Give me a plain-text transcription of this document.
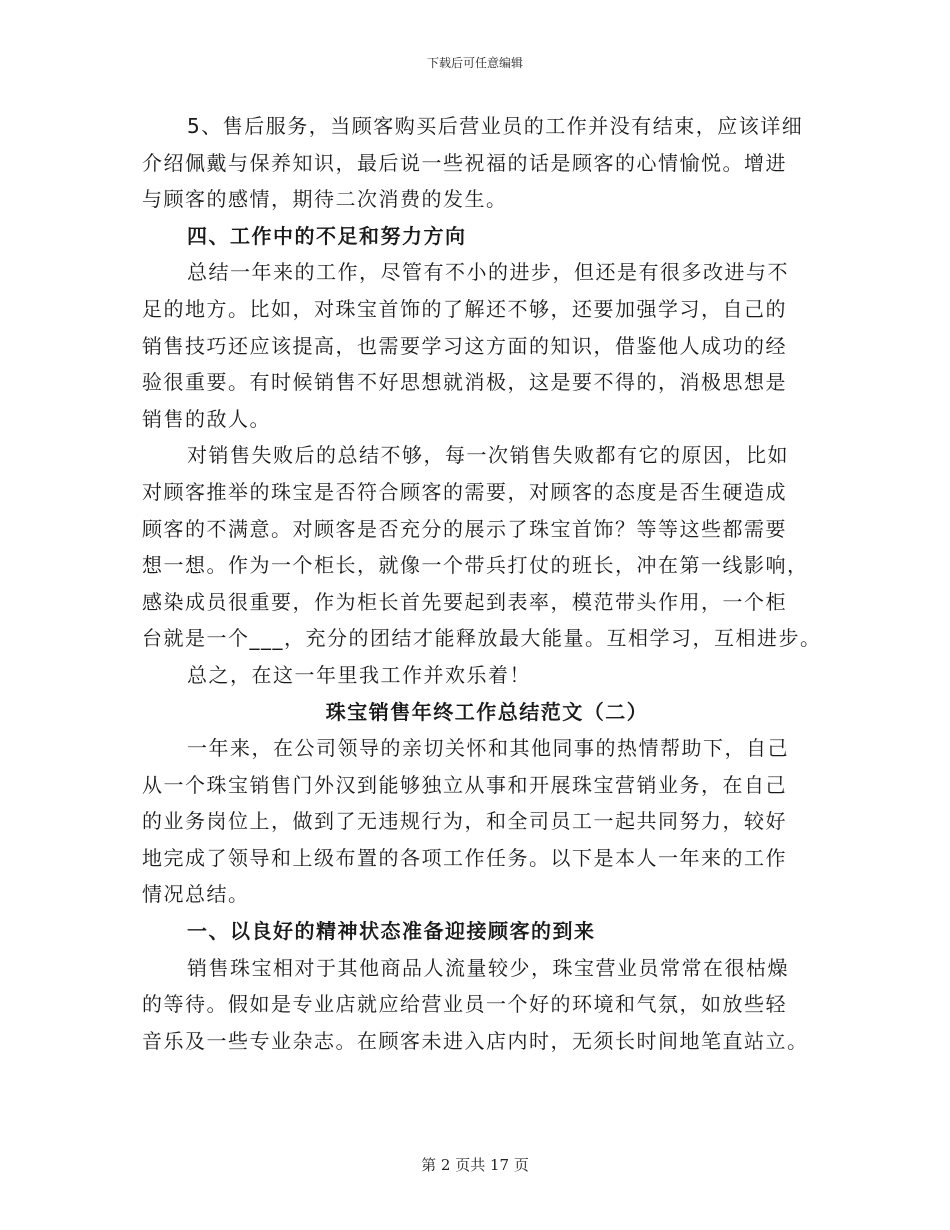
下载后可任意编辑
5、售后服务，当顾客购买后营业员的工作并没有结束，应该详细
介绍佩戴与保养知识，最后说一些祝福的话是顾客的心情愉悦。增进
与顾客的感情，期待二次消费的发生。
四、工作中的不足和努力方向
总结一年来的工作，尽管有不小的进步，但还是有很多改进与不
足的地方。比如，对珠宝首饰的了解还不够，还要加强学习，自己的
销售技巧还应该提高，也需要学习这方面的知识，借鉴他人成功的经
验很重要。有时候销售不好思想就消极，这是要不得的，消极思想是
销售的敌人。
对销售失败后的总结不够，每一次销售失败都有它的原因，比如
对顾客推举的珠宝是否符合顾客的需要，对顾客的态度是否生硬造成
顾客的不满意。对顾客是否充分的展示了珠宝首饰？等等这些都需要
想一想。作为一个柜长，就像一个带兵打仗的班长，冲在第一线影响，
感染成员很重要，作为柜长首先要起到表率，模范带头作用，一个柜
台就是一个___，充分的团结才能释放最大能量。互相学习，互相进步。
总之，在这一年里我工作并欢乐着！
珠宝销售年终工作总结范文（二）
一年来，在公司领导的亲切关怀和其他同事的热情帮助下，自己
从一个珠宝销售门外汉到能够独立从事和开展珠宝营销业务，在自己
的业务岗位上，做到了无违规行为，和全司员工一起共同努力，较好
地完成了领导和上级布置的各项工作任务。以下是本人一年来的工作
情况总结。
一、以良好的精神状态准备迎接顾客的到来
销售珠宝相对于其他商品人流量较少，珠宝营业员常常在很枯燥
的等待。假如是专业店就应给营业员一个好的环境和气氛，如放些轻
音乐及一些专业杂志。在顾客未进入店内时，无须长时间地笔直站立。
第 2 页共 17 页
